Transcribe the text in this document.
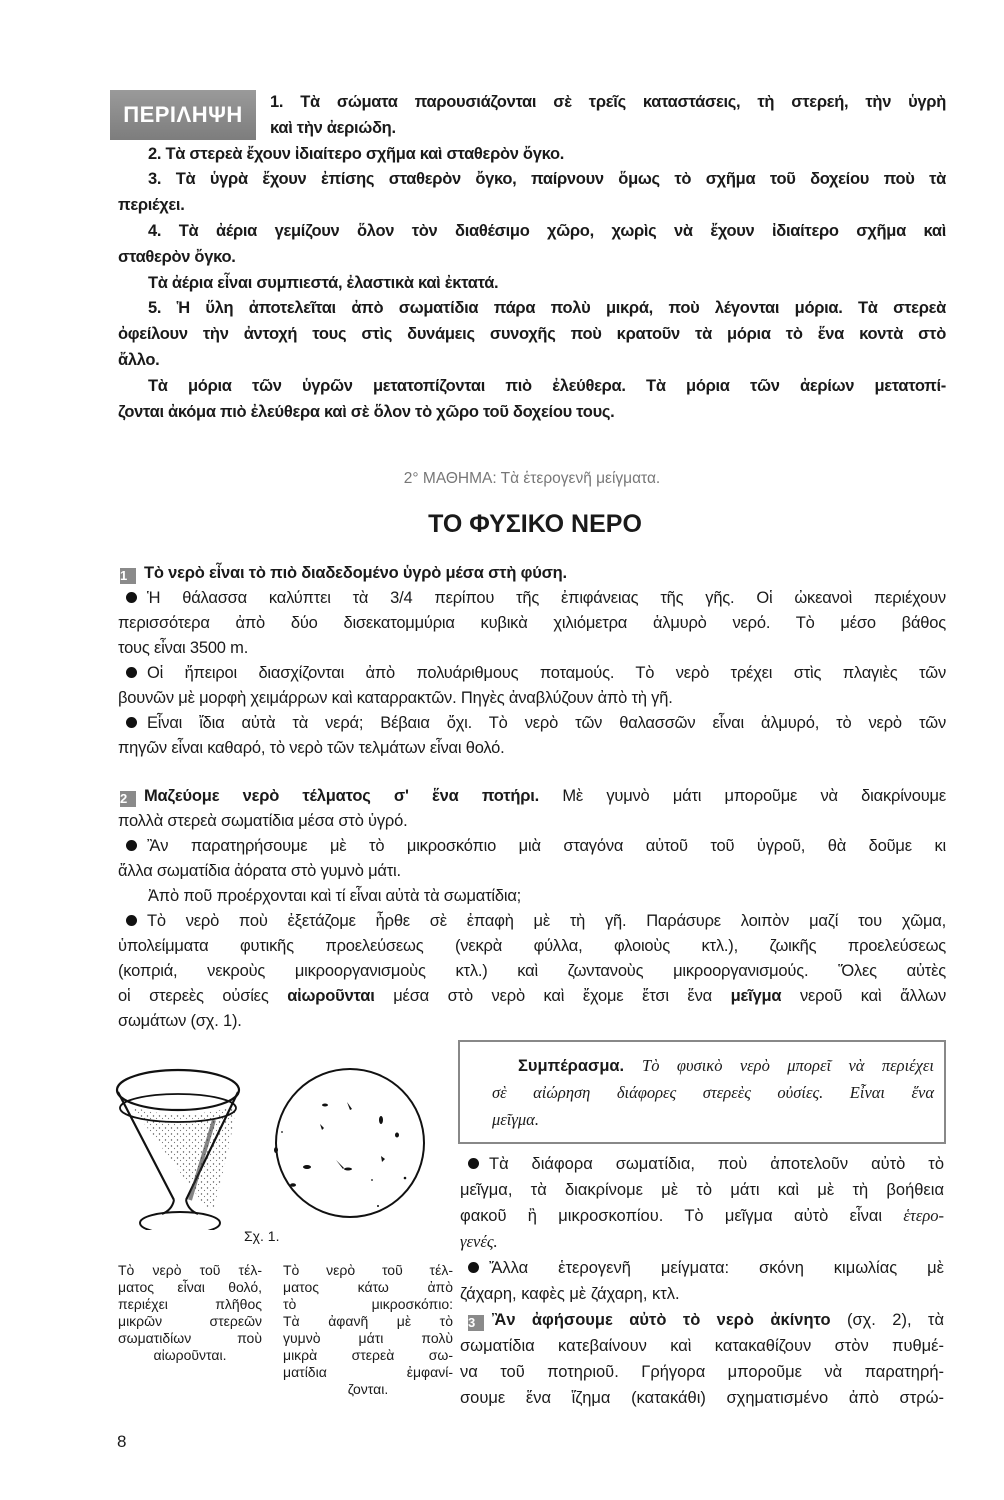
ΠΕΡΙΛΗΨΗ	1. Τὰ σώματα παρουσιάζονται σὲ τρεῖς καταστάσεις, τὴ στερεή, τὴν ὑγρὴ
καὶ τὴν ἀεριώδη.
2. Τὰ στερεὰ ἔχουν ἰδιαίτερο σχῆμα καὶ σταθερὸν ὄγκο.
3. Τὰ ὑγρὰ ἔχουν ἐπίσης σταθερὸν ὄγκο, παίρνουν ὅμως τὸ σχῆμα τοῦ δοχείου ποὺ τὰ
περιέχει.
4. Τὰ ἀέρια γεμίζουν ὅλον τὸν διαθέσιμο χῶρο, χωρὶς νὰ ἔχουν ἰδιαίτερο σχῆμα καὶ
σταθερὸν ὄγκο.
Τὰ ἀέρια εἶναι συμπιεστά, ἐλαστικὰ καὶ ἐκτατά.
5. Ἡ ὕλη ἀποτελεῖται ἀπὸ σωματίδια πάρα πολὺ μικρά, ποὺ λέγονται μόρια. Τὰ στερεὰ
ὀφείλουν τὴν ἀντοχή τους στὶς δυνάμεις συνοχῆς ποὺ κρατοῦν τὰ μόρια τὸ ἕνα κοντὰ στὸ
ἄλλο.
Τὰ μόρια τῶν ὑγρῶν μετατοπίζονται πιὸ ἐλεύθερα. Τὰ μόρια τῶν ἀερίων μετατοπί-
ζονται ἀκόμα πιὸ ἐλεύθερα καὶ σὲ ὅλον τὸ χῶρο τοῦ δοχείου τους.
2° ΜΑΘΗΜΑ: Τὰ ἑτερογενῆ μείγματα.
ΤΟ ΦΥΣΙΚΟ ΝΕΡΟ
1 Τὸ νερὸ εἶναι τὸ πιὸ διαδεδομένο ὑγρὸ μέσα στὴ φύση.
Ἡ θάλασσα καλύπτει τὰ 3/4 περίπου τῆς ἐπιφάνειας τῆς γῆς. Οἱ ὠκεανοὶ περιέχουν
περισσότερα ἀπὸ δύο δισεκατομμύρια κυβικὰ χιλιόμετρα ἁλμυρὸ νερό. Τὸ μέσο βάθος
τους εἶναι 3500 m.
Οἱ ἤπειροι διασχίζονται ἀπὸ πολυάριθμους ποταμούς. Τὸ νερὸ τρέχει στὶς πλαγιὲς τῶν
βουνῶν μὲ μορφὴ χειμάρρων καὶ καταρρακτῶν. Πηγὲς ἀναβλύζουν ἀπὸ τὴ γῆ.
Εἶναι ἴδια αὐτὰ τὰ νερά; Βέβαια ὄχι. Τὸ νερὸ τῶν θαλασσῶν εἶναι ἁλμυρό, τὸ νερὸ τῶν
πηγῶν εἶναι καθαρό, τὸ νερὸ τῶν τελμάτων εἶναι θολό.
2 Μαζεύομε νερὸ τέλματος σ' ἕνα ποτήρι. Μὲ γυμνὸ μάτι μποροῦμε νὰ διακρίνουμε
πολλὰ στερεὰ σωματίδια μέσα στὸ ὑγρό.
Ἂν παρατηρήσουμε μὲ τὸ μικροσκόπιο μιὰ σταγόνα αὐτοῦ τοῦ ὑγροῦ, θὰ δοῦμε κι
ἄλλα σωματίδια ἀόρατα στὸ γυμνὸ μάτι.
Ἀπὸ ποῦ προέρχονται καὶ τί εἶναι αὐτὰ τὰ σωματίδια;
Τὸ νερὸ ποὺ ἐξετάζομε ἦρθε σὲ ἐπαφὴ μὲ τὴ γῆ. Παράσυρε λοιπὸν μαζί του χῶμα,
ὑπολείμματα φυτικῆς προελεύσεως (νεκρὰ φύλλα, φλοιοὺς κτλ.), ζωικῆς προελεύσεως
(κοπριά, νεκροὺς μικροοργανισμοὺς κτλ.) καὶ ζωντανοὺς μικροοργανισμούς. Ὅλες αὐτὲς
οἱ στερεὲς οὐσίες αἰωροῦνται μέσα στὸ νερὸ καὶ ἔχομε ἔτσι ἕνα μεῖγμα νεροῦ καὶ ἄλλων
σωμάτων (σχ. 1).
Συμπέρασμα. Τὸ φυσικὸ νερὸ μπορεῖ νὰ περιέχει
σὲ αἰώρηση διάφορες στερεὲς οὐσίες. Εἶναι ἕνα
μεῖγμα.
Τὰ διάφορα σωματίδια, ποὺ ἀποτελοῦν αὐτὸ τὸ
μεῖγμα, τὰ διακρίνομε μὲ τὸ μάτι καὶ μὲ τὴ βοήθεια
φακοῦ ἢ μικροσκοπίου. Τὸ μεῖγμα αὐτὸ εἶναι ἑτερο-
γενές.
Ἄλλα ἑτερογενῆ μείγματα: σκόνη κιμωλίας μὲ
ζάχαρη, καφὲς μὲ ζάχαρη, κτλ.
3 Ἂν ἀφήσουμε αὐτὸ τὸ νερὸ ἀκίνητο (σχ. 2), τὰ
σωματίδια κατεβαίνουν καὶ κατακαθίζουν στὸν πυθμέ-
να τοῦ ποτηριοῦ. Γρήγορα μποροῦμε νὰ παρατηρή-
σουμε ἕνα ἵζημα (κατακάθι) σχηματισμένο ἀπὸ στρώ-
Σχ. 1.
Τὸ νερὸ τοῦ τέλ-
ματος εἶναι θολό,
περιέχει πλῆθος
μικρῶν στερεῶν
σωματιδίων ποὺ
αἰωροῦνται.
Τὸ νερὸ τοῦ τέλ-
ματος κάτω ἀπὸ
τὸ μικροσκόπιο:
Τὰ ἀφανῆ μὲ τὸ
γυμνὸ μάτι πολὺ
μικρὰ στερεὰ σω-
ματίδια ἐμφανί-
ζονται.
8
